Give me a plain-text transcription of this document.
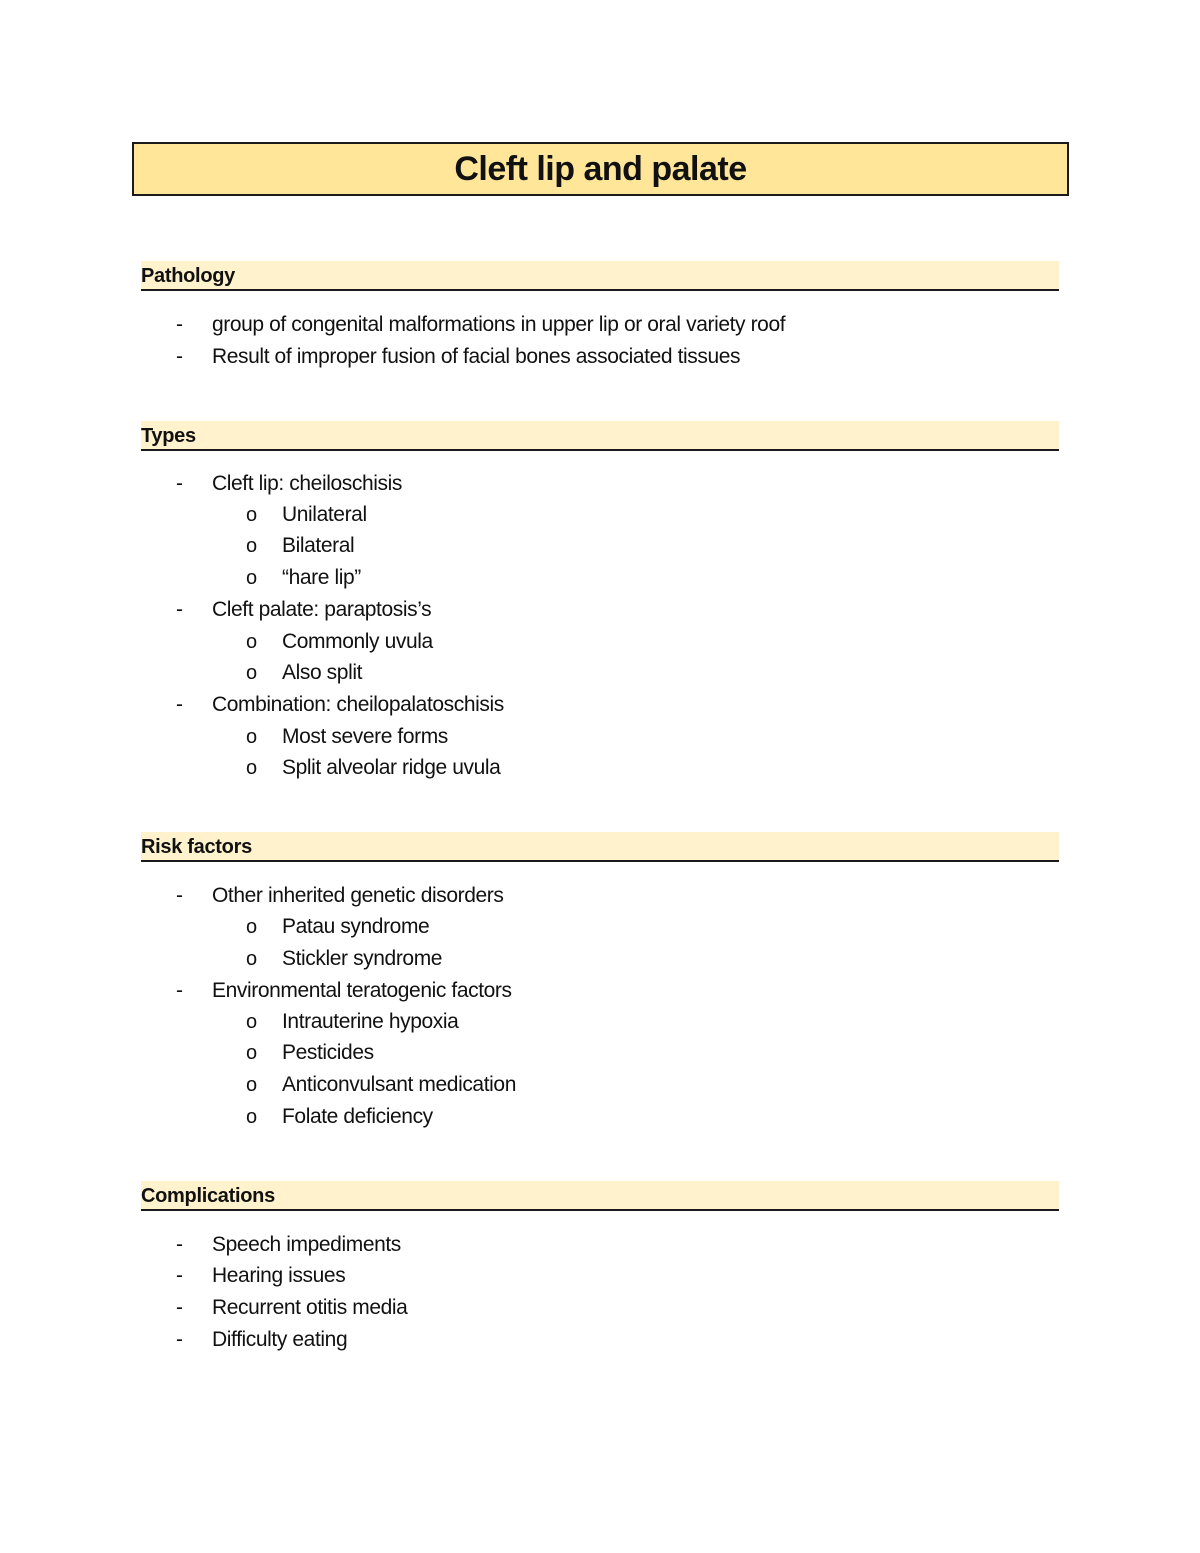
Cleft lip and palate
Pathology
- group of congenital malformations in upper lip or oral variety roof
- Result of improper fusion of facial bones associated tissues
Types
- Cleft lip: cheiloschisis
o Unilateral
o Bilateral
o “hare lip”
- Cleft palate: paraptosis’s
o Commonly uvula
o Also split
- Combination: cheilopalatoschisis
o Most severe forms
o Split alveolar ridge uvula
Risk factors
- Other inherited genetic disorders
o Patau syndrome
o Stickler syndrome
- Environmental teratogenic factors
o Intrauterine hypoxia
o Pesticides
o Anticonvulsant medication
o Folate deficiency
Complications
- Speech impediments
- Hearing issues
- Recurrent otitis media
- Difficulty eating
